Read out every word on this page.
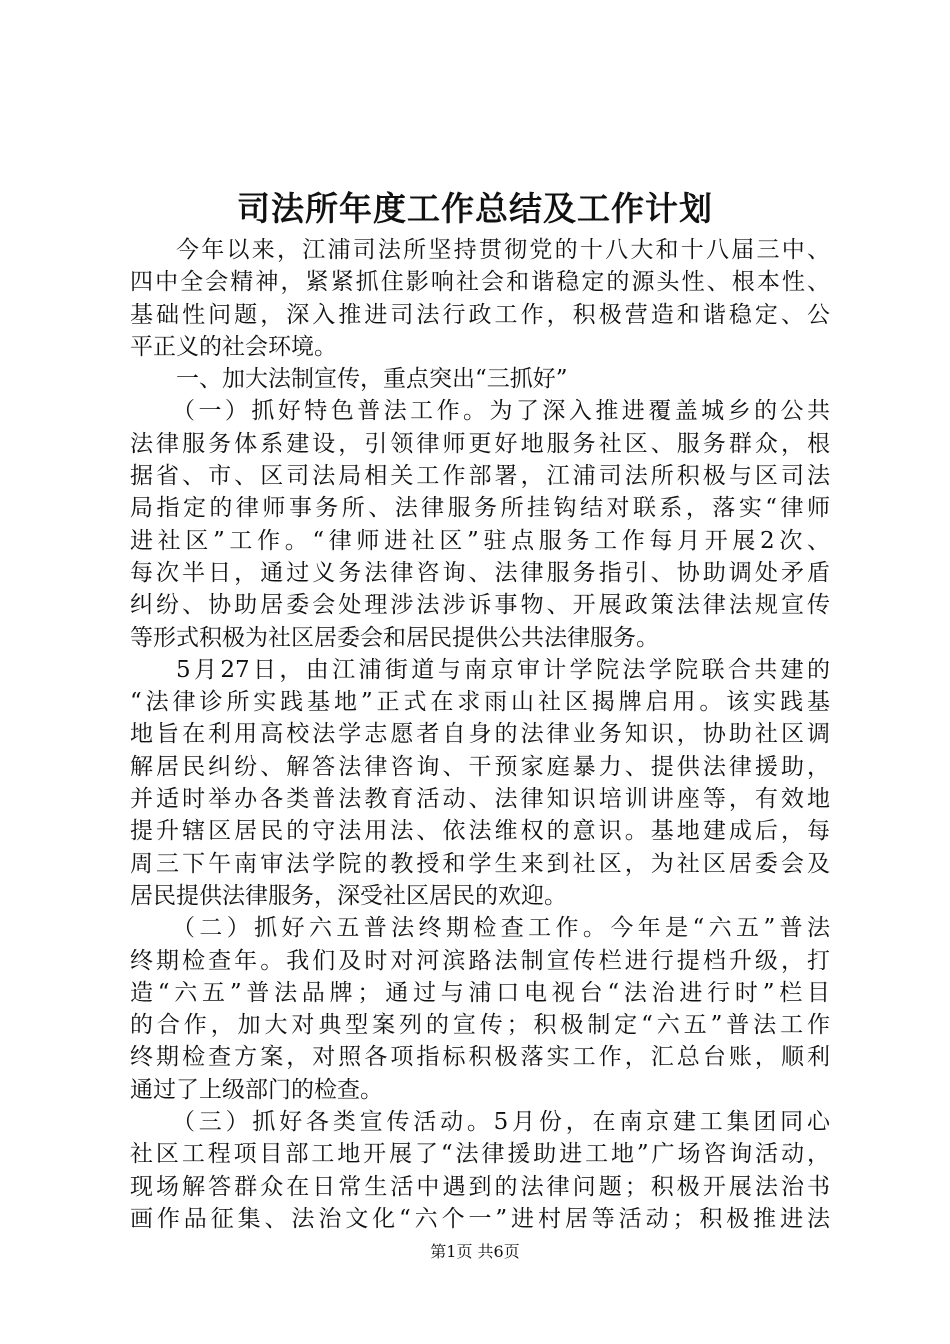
司法所年度工作总结及工作计划
今年以来，江浦司法所坚持贯彻党的十八大和十八届三中、
四中全会精神，紧紧抓住影响社会和谐稳定的源头性、根本性、
基础性问题，深入推进司法行政工作，积极营造和谐稳定、公
平正义的社会环境。
一、加大法制宣传，重点突出“三抓好”
（一）抓好特色普法工作。为了深入推进覆盖城乡的公共
法律服务体系建设，引领律师更好地服务社区、服务群众，根
据省、市、区司法局相关工作部署，江浦司法所积极与区司法
局指定的律师事务所、法律服务所挂钩结对联系，落实“律师
进社区”工作。“律师进社区”驻点服务工作每月开展2次、
每次半日，通过义务法律咨询、法律服务指引、协助调处矛盾
纠纷、协助居委会处理涉法涉诉事物、开展政策法律法规宣传
等形式积极为社区居委会和居民提供公共法律服务。
5月27日，由江浦街道与南京审计学院法学院联合共建的
“法律诊所实践基地”正式在求雨山社区揭牌启用。该实践基
地旨在利用高校法学志愿者自身的法律业务知识，协助社区调
解居民纠纷、解答法律咨询、干预家庭暴力、提供法律援助，
并适时举办各类普法教育活动、法律知识培训讲座等，有效地
提升辖区居民的守法用法、依法维权的意识。基地建成后，每
周三下午南审法学院的教授和学生来到社区，为社区居委会及
居民提供法律服务，深受社区居民的欢迎。
（二）抓好六五普法终期检查工作。今年是“六五”普法
终期检查年。我们及时对河滨路法制宣传栏进行提档升级，打
造“六五”普法品牌；通过与浦口电视台“法治进行时”栏目
的合作，加大对典型案列的宣传；积极制定“六五”普法工作
终期检查方案，对照各项指标积极落实工作，汇总台账，顺利
通过了上级部门的检查。
（三）抓好各类宣传活动。5月份，在南京建工集团同心
社区工程项目部工地开展了“法律援助进工地”广场咨询活动，
现场解答群众在日常生活中遇到的法律问题；积极开展法治书
画作品征集、法治文化“六个一”进村居等活动；积极推进法
第1页 共6页
